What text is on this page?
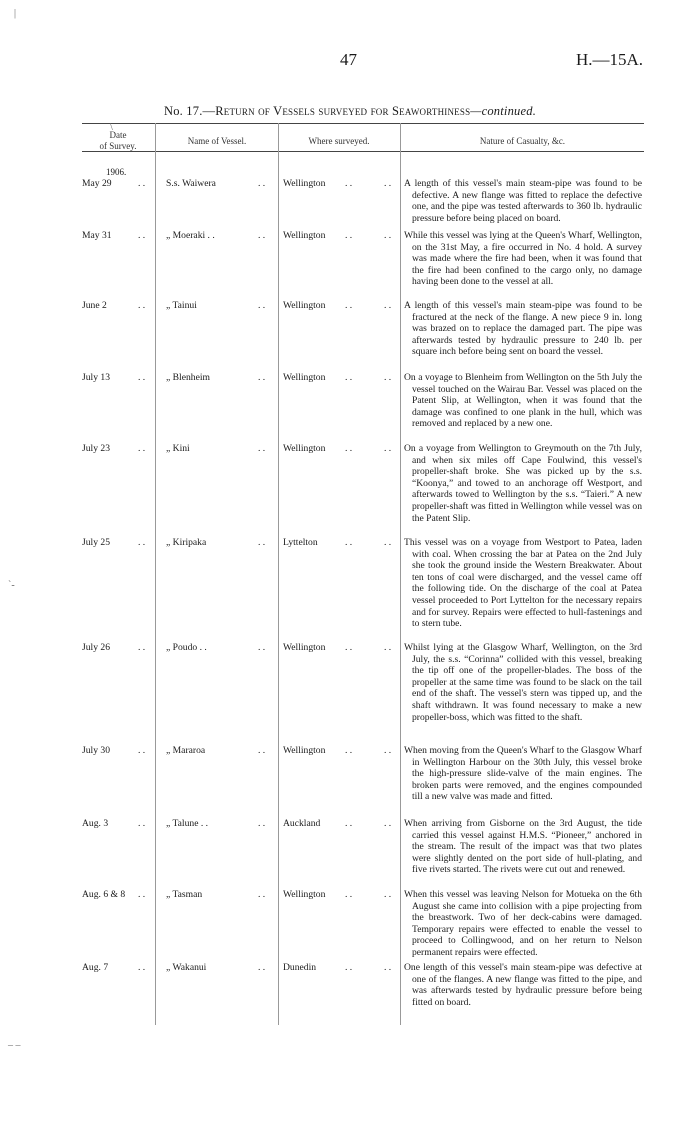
47	H.—15A.
No. 17.—Return of Vessels surveyed for Seaworthiness—continued.
Date
of Survey.	Name of Vessel.	Where surveyed.	Nature of Casualty, &c.
1906.
May 29	. . S.s. Waiwera	. . Wellington	. .	. . A length of this vessel's main steam-pipe was found to be defective. A new flange was fitted to replace the defective one, and the pipe was tested afterwards to 360 lb. hydraulic pressure before being placed on board.

May 31	. . „ Moeraki . .	. . Wellington	. .	. . While this vessel was lying at the Queen's Wharf, Wellington, on the 31st May, a fire occurred in No. 4 hold. A survey was made where the fire had been, when it was found that the fire had been confined to the cargo only, no damage having been done to the vessel at all.

June 2	. . „ Tainui	. . Wellington	. .	. . A length of this vessel's main steam-pipe was found to be fractured at the neck of the flange. A new piece 9 in. long was brazed on to replace the damaged part. The pipe was afterwards tested by hydraulic pressure to 240 lb. per square inch before being sent on board the vessel.

July 13	. . „ Blenheim	. . Wellington	. .	. . On a voyage to Blenheim from Wellington on the 5th July the vessel touched on the Wairau Bar. Vessel was placed on the Patent Slip, at Wellington, when it was found that the damage was confined to one plank in the hull, which was removed and replaced by a new one.

July 23	. . „ Kini	. . Wellington	. .	. . On a voyage from Wellington to Greymouth on the 7th July, and when six miles off Cape Foulwind, this vessel's propeller-shaft broke. She was picked up by the s.s. “Koonya,” and towed to an anchorage off Westport, and afterwards towed to Wellington by the s.s. “Taieri.” A new propeller-shaft was fitted in Wellington while vessel was on the Patent Slip.

July 25	. . „ Kiripaka	. . Lyttelton	. .	. . This vessel was on a voyage from Westport to Patea, laden with coal. When crossing the bar at Patea on the 2nd July she took the ground inside the Western Breakwater. About ten tons of coal were discharged, and the vessel came off the following tide. On the discharge of the coal at Patea vessel proceeded to Port Lyttelton for the necessary repairs and for survey. Repairs were effected to hull-fastenings and to stern tube.

July 26	. . „ Poudo . .	. . Wellington	. .	. . Whilst lying at the Glasgow Wharf, Wellington, on the 3rd July, the s.s. “Corinna” collided with this vessel, breaking the tip off one of the propeller-blades. The boss of the propeller at the same time was found to be slack on the tail end of the shaft. The vessel's stern was tipped up, and the shaft withdrawn. It was found necessary to make a new propeller-boss, which was fitted to the shaft.

July 30	. . „ Mararoa	. . Wellington	. .	. . When moving from the Queen's Wharf to the Glasgow Wharf in Wellington Harbour on the 30th July, this vessel broke the high-pressure slide-valve of the main engines. The broken parts were removed, and the engines compounded till a new valve was made and fitted.

Aug. 3	. . „ Talune . .	. . Auckland	. .	. . When arriving from Gisborne on the 3rd August, the tide carried this vessel against H.M.S. “Pioneer,” anchored in the stream. The result of the impact was that two plates were slightly dented on the port side of hull-plating, and five rivets started. The rivets were cut out and renewed.

Aug. 6 & 8	. . „ Tasman	. . Wellington	. .	. . When this vessel was leaving Nelson for Motueka on the 6th August she came into collision with a pipe projecting from the breastwork. Two of her deck-cabins were damaged. Temporary repairs were effected to enable the vessel to proceed to Collingwood, and on her return to Nelson permanent repairs were effected.

Aug. 7	. . „ Wakanui	. . Dunedin	. .	. . One length of this vessel's main steam-pipe was defective at one of the flanges. A new flange was fitted to the pipe, and was afterwards tested by hydraulic pressure before being fitted on board.

|
\
`-
– –
